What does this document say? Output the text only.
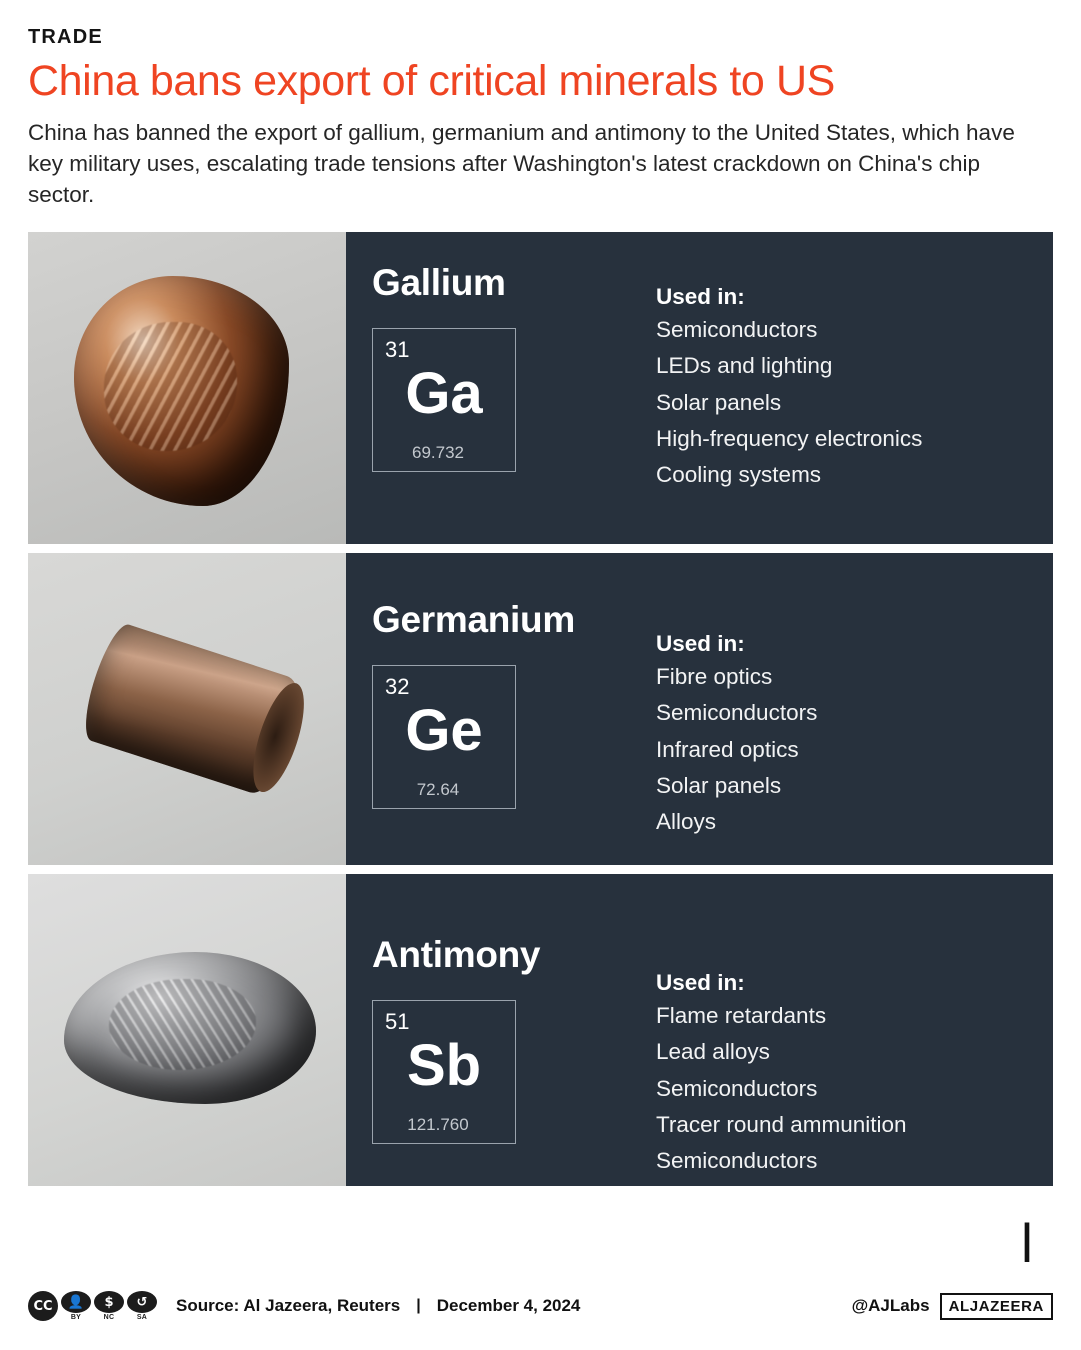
TRADE
China bans export of critical minerals to US
China has banned the export of gallium, germanium and antimony to the United States, which have key military uses, escalating trade tensions after Washington's latest crackdown on China's chip sector.
Gallium
31
Ga
69.732
Used in:
Semiconductors
LEDs and lighting
Solar panels
High-frequency electronics
Cooling systems
Germanium
32
Ge
72.64
Used in:
Fibre optics
Semiconductors
Infrared optics
Solar panels
Alloys
Antimony
51
Sb
121.760
Used in:
Flame retardants
Lead alloys
Semiconductors
Tracer round ammunition
Semiconductors
ا
CC	👤
BY
$
NC
↺
SA
Source: Al Jazeera, Reuters | December 4, 2024	@AJLabs	ALJAZEERA
